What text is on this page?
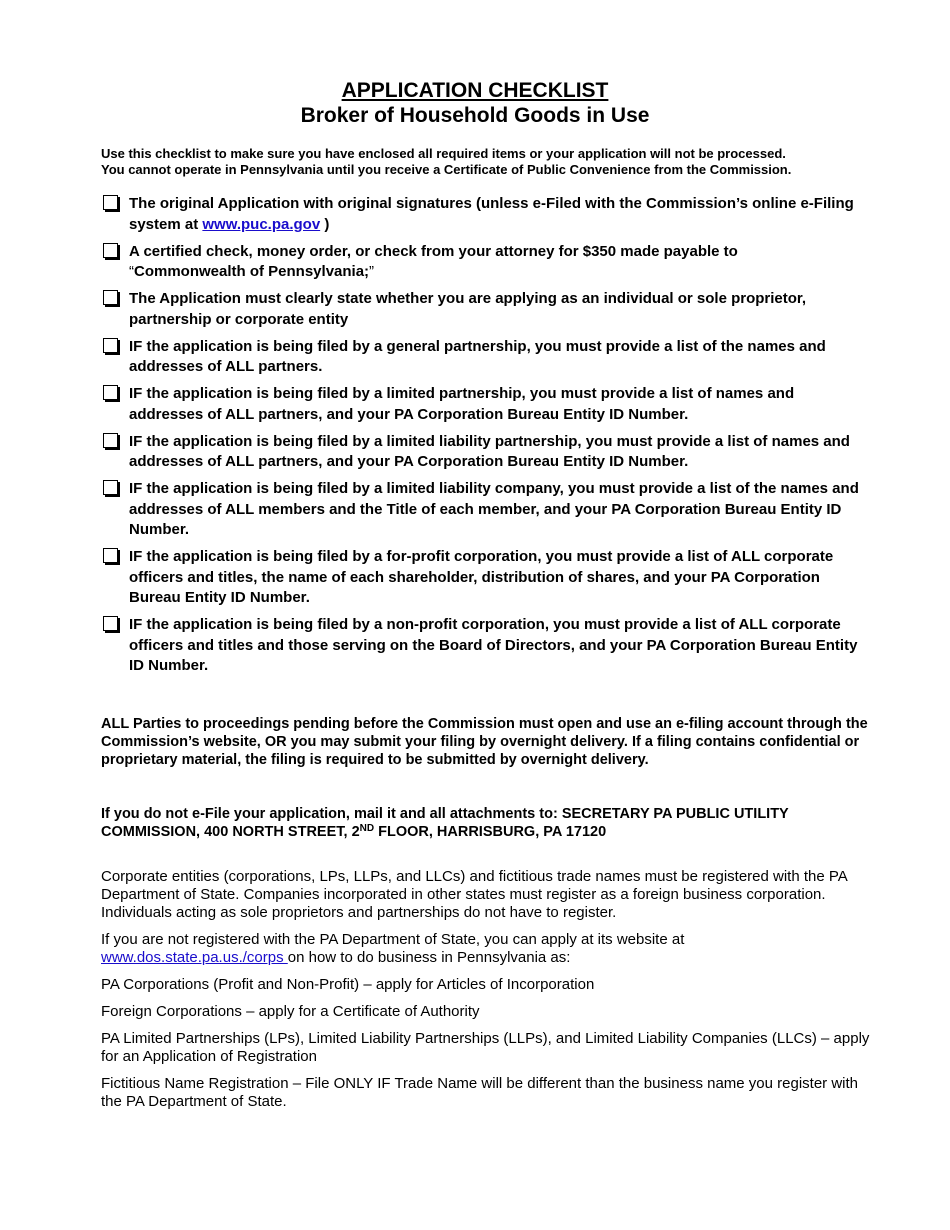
APPLICATION CHECKLIST
Broker of Household Goods in Use
Use this checklist to make sure you have enclosed all required items or your application will not be processed.
You cannot operate in Pennsylvania until you receive a Certificate of Public Convenience from the Commission.
The original Application with original signatures (unless e-Filed with the Commission’s online e-Filing system at www.puc.pa.gov )
A certified check, money order, or check from your attorney for $350 made payable to
“Commonwealth of Pennsylvania;”
The Application must clearly state whether you are applying as an individual or sole proprietor, partnership or corporate entity
IF the application is being filed by a general partnership, you must provide a list of the names and addresses of ALL partners.
IF the application is being filed by a limited partnership, you must provide a list of names and addresses of ALL partners, and your PA Corporation Bureau Entity ID Number.
IF the application is being filed by a limited liability partnership, you must provide a list of names and addresses of ALL partners, and your PA Corporation Bureau Entity ID Number.
IF the application is being filed by a limited liability company, you must provide a list of the names and addresses of ALL members and the Title of each member, and your PA Corporation Bureau Entity ID Number.
IF the application is being filed by a for-profit corporation, you must provide a list of ALL corporate officers and titles, the name of each shareholder, distribution of shares, and your PA Corporation Bureau Entity ID Number.
IF the application is being filed by a non-profit corporation, you must provide a list of ALL corporate officers and titles and those serving on the Board of Directors, and your PA Corporation Bureau Entity ID Number.
ALL Parties to proceedings pending before the Commission must open and use an e-filing account through the Commission’s website, OR you may submit your filing by overnight delivery. If a filing contains confidential or proprietary material, the filing is required to be submitted by overnight delivery.
If you do not e-File your application, mail it and all attachments to: SECRETARY PA PUBLIC UTILITY COMMISSION, 400 NORTH STREET, 2ND FLOOR, HARRISBURG, PA 17120
Corporate entities (corporations, LPs, LLPs, and LLCs) and fictitious trade names must be registered with the PA Department of State. Companies incorporated in other states must register as a foreign business corporation. Individuals acting as sole proprietors and partnerships do not have to register.
If you are not registered with the PA Department of State, you can apply at its website at www.dos.state.pa.us./corps on how to do business in Pennsylvania as:
PA Corporations (Profit and Non-Profit) – apply for Articles of Incorporation
Foreign Corporations – apply for a Certificate of Authority
PA Limited Partnerships (LPs), Limited Liability Partnerships (LLPs), and Limited Liability Companies (LLCs) – apply for an Application of Registration
Fictitious Name Registration – File ONLY IF Trade Name will be different than the business name you register with the PA Department of State.
